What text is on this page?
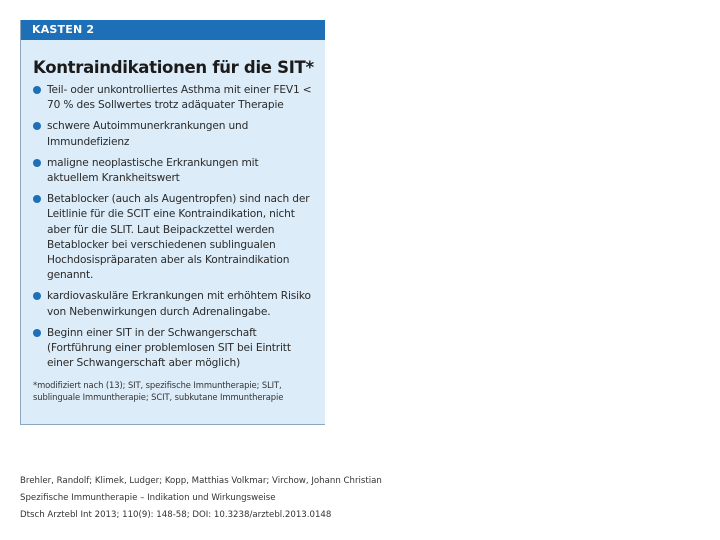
KASTEN 2
Kontraindikationen für die SIT*
Teil- oder unkontrolliertes Asthma mit einer FEV1 < 70 % des Sollwertes trotz adäquater Therapie
schwere Autoimmunerkrankungen und Immundefizienz
maligne neoplastische Erkrankungen mit aktuellem Krankheitswert
Betablocker (auch als Augentropfen) sind nach der Leitlinie für die SCIT eine Kontraindikation, nicht aber für die SLIT. Laut Beipackzettel werden Betablocker bei verschiedenen sublingualen Hochdosispräparaten aber als Kontraindikation genannt.
kardiovaskuläre Erkrankungen mit erhöhtem Risiko von Nebenwirkungen durch Adrenalingabe.
Beginn einer SIT in der Schwangerschaft (Fortführung einer problemlosen SIT bei Eintritt einer Schwangerschaft aber möglich)
*modifiziert nach (13); SIT, spezifische Immuntherapie; SLIT, sublinguale Immuntherapie; SCIT, subkutane Immuntherapie
Brehler, Randolf; Klimek, Ludger; Kopp, Matthias Volkmar; Virchow, Johann Christian
Spezifische Immuntherapie – Indikation und Wirkungsweise
Dtsch Arztebl Int 2013; 110(9): 148-58; DOI: 10.3238/arztebl.2013.0148
